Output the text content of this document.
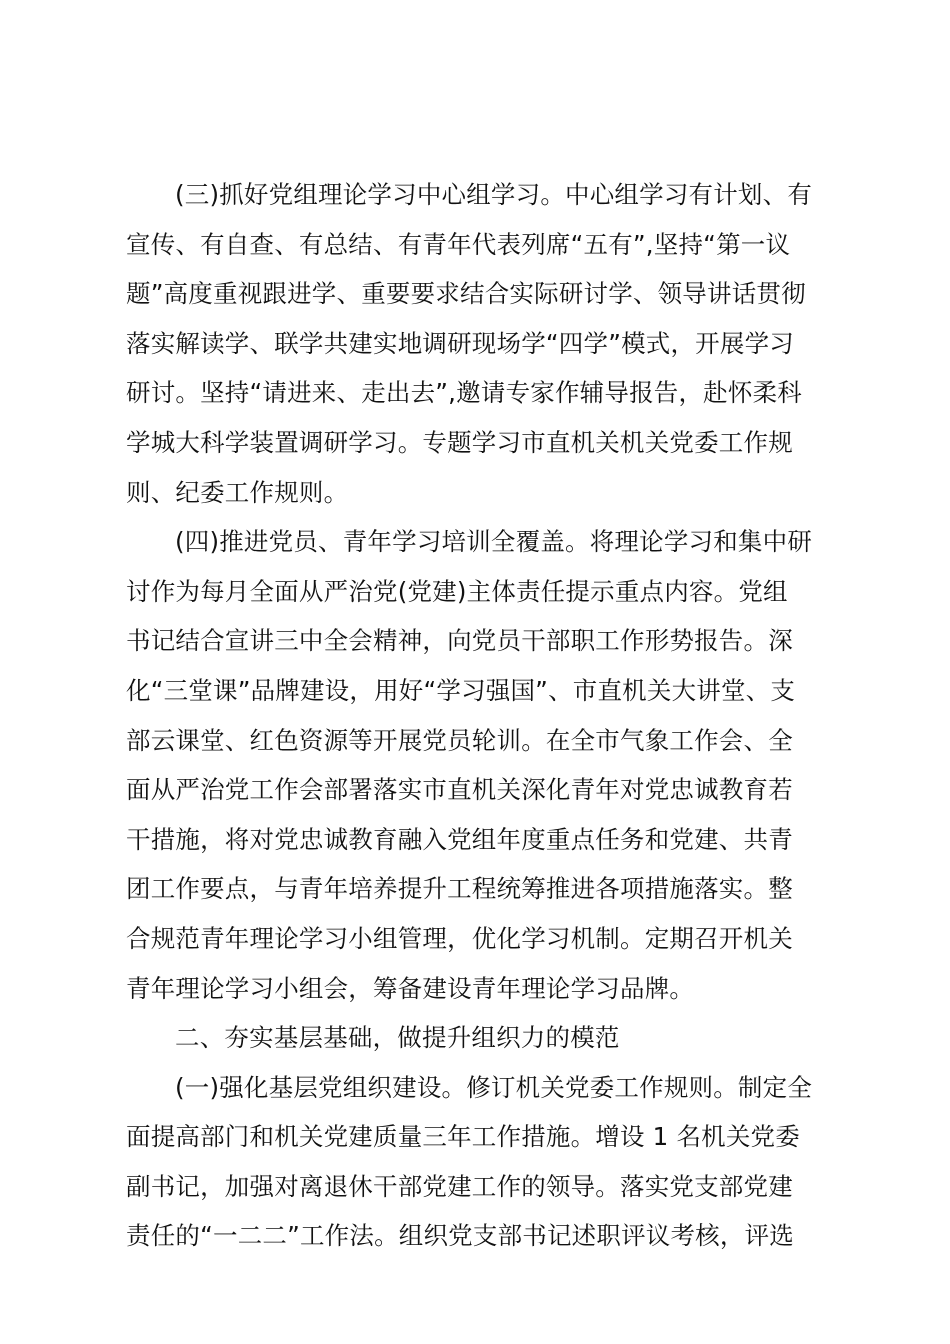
(三)抓好党组理论学习中心组学习。中心组学习有计划、有
宣传、有自查、有总结、有青年代表列席“五有”,坚持“第一议
题”高度重视跟进学、重要要求结合实际研讨学、领导讲话贯彻
落实解读学、联学共建实地调研现场学“四学”模式，开展学习
研讨。坚持“请进来、走出去”,邀请专家作辅导报告，赴怀柔科
学城大科学装置调研学习。专题学习市直机关机关党委工作规
则、纪委工作规则。
(四)推进党员、青年学习培训全覆盖。将理论学习和集中研
讨作为每月全面从严治党(党建)主体责任提示重点内容。党组
书记结合宣讲三中全会精神，向党员干部职工作形势报告。深
化“三堂课”品牌建设，用好“学习强国”、市直机关大讲堂、支
部云课堂、红色资源等开展党员轮训。在全市气象工作会、全
面从严治党工作会部署落实市直机关深化青年对党忠诚教育若
干措施，将对党忠诚教育融入党组年度重点任务和党建、共青
团工作要点，与青年培养提升工程统筹推进各项措施落实。整
合规范青年理论学习小组管理，优化学习机制。定期召开机关
青年理论学习小组会，筹备建设青年理论学习品牌。
二、夯实基层基础，做提升组织力的模范
(一)强化基层党组织建设。修订机关党委工作规则。制定全
面提高部门和机关党建质量三年工作措施。增设 1 名机关党委
副书记，加强对离退休干部党建工作的领导。落实党支部党建
责任的“一二二”工作法。组织党支部书记述职评议考核，评选
